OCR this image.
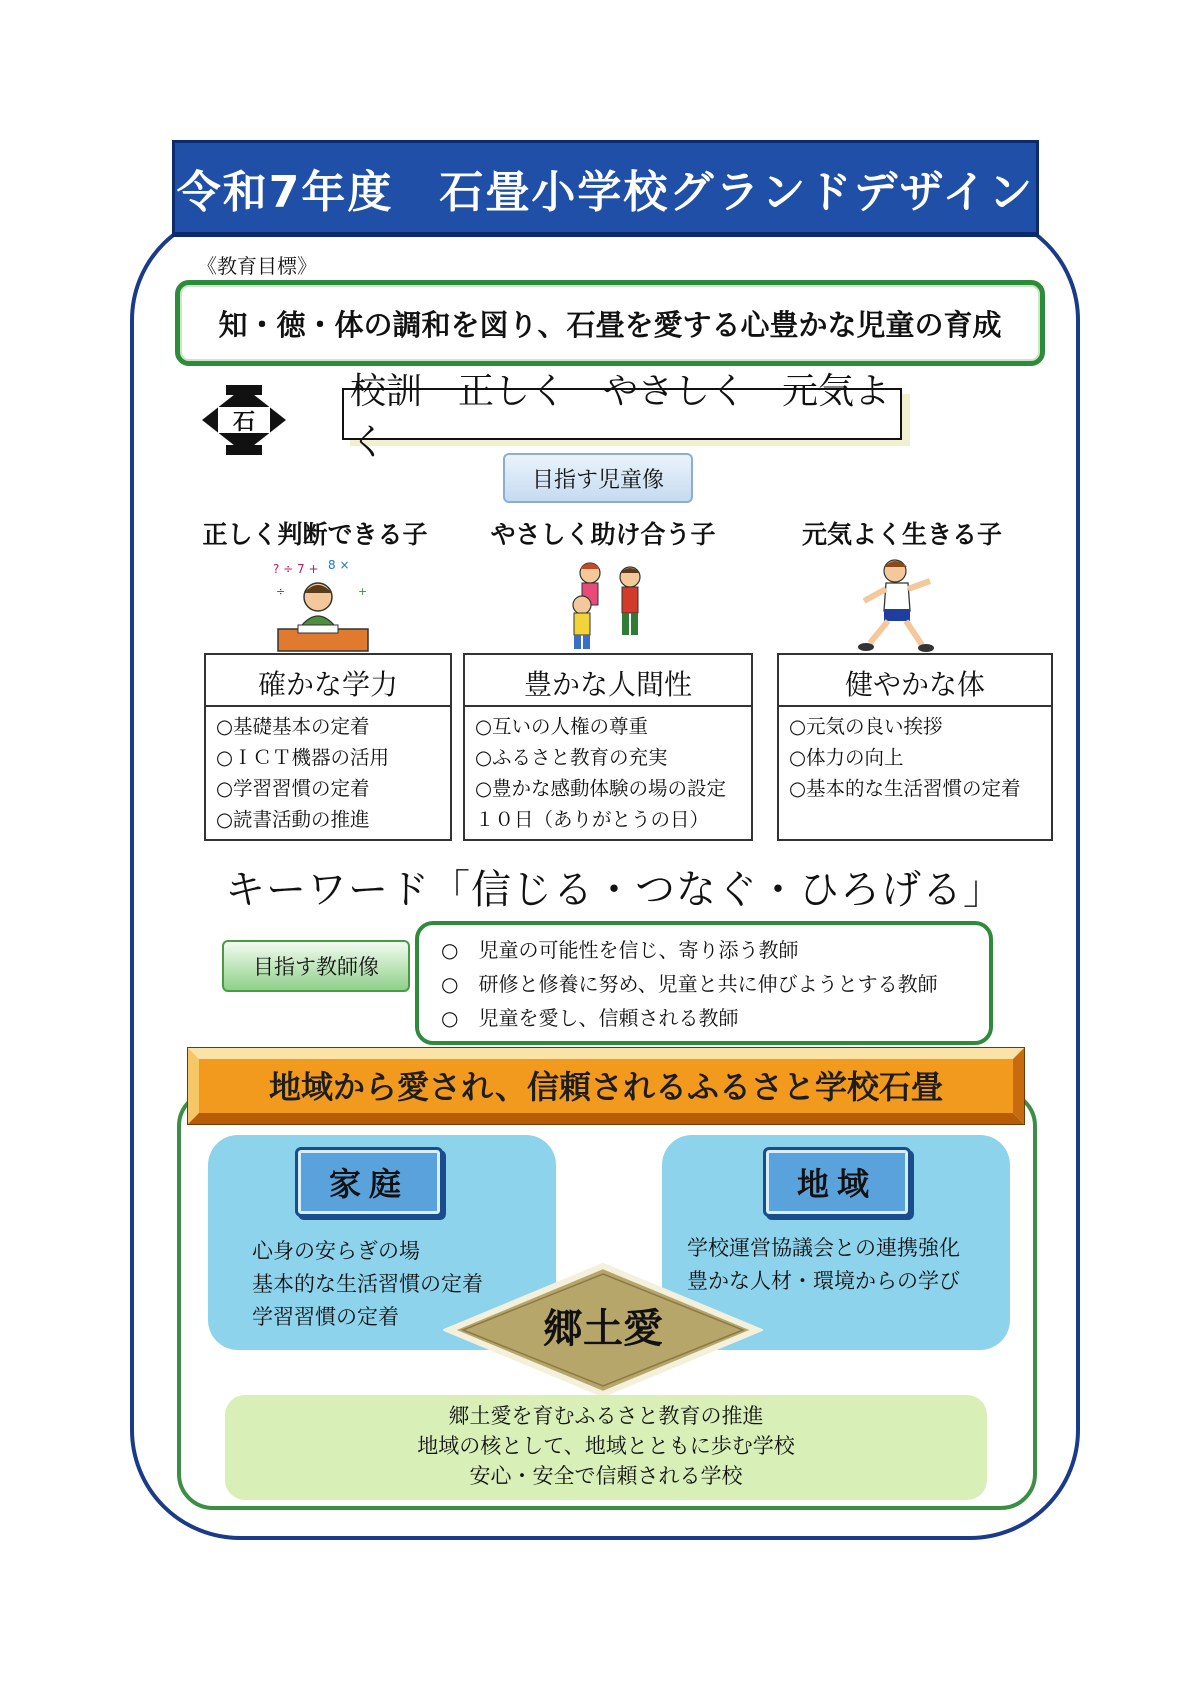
令和7年度　石畳小学校グランドデザイン
《教育目標》
知・徳・体の調和を図り、石畳を愛する心豊かな児童の育成
石
校訓　正しく　やさしく　元気よく
目指す児童像
正しく判断できる子	やさしく助け合う子	元気よく生きる子
? ÷ 7 + 8 ×
÷	+
確かな学力
○基礎基本の定着
○ＩＣＴ機器の活用
○学習習慣の定着
○読書活動の推進
豊かな人間性
○互いの人権の尊重
○ふるさと教育の充実
○豊かな感動体験の場の設定
１０日（ありがとうの日）
健やかな体
○元気の良い挨拶
○体力の向上
○基本的な生活習慣の定着
キーワード「信じる・つなぐ・ひろげる」
目指す教師像
○　児童の可能性を信じ、寄り添う教師
○　研修と修養に努め、児童と共に伸びようとする教師
○　児童を愛し、信頼される教師
地域から愛され、信頼されるふるさと学校石畳
家庭
心身の安らぎの場
基本的な生活習慣の定着
学習習慣の定着
地域
学校運営協議会との連携強化
豊かな人材・環境からの学び
郷土愛
郷土愛を育むふるさと教育の推進
地域の核として、地域とともに歩む学校
安心・安全で信頼される学校
